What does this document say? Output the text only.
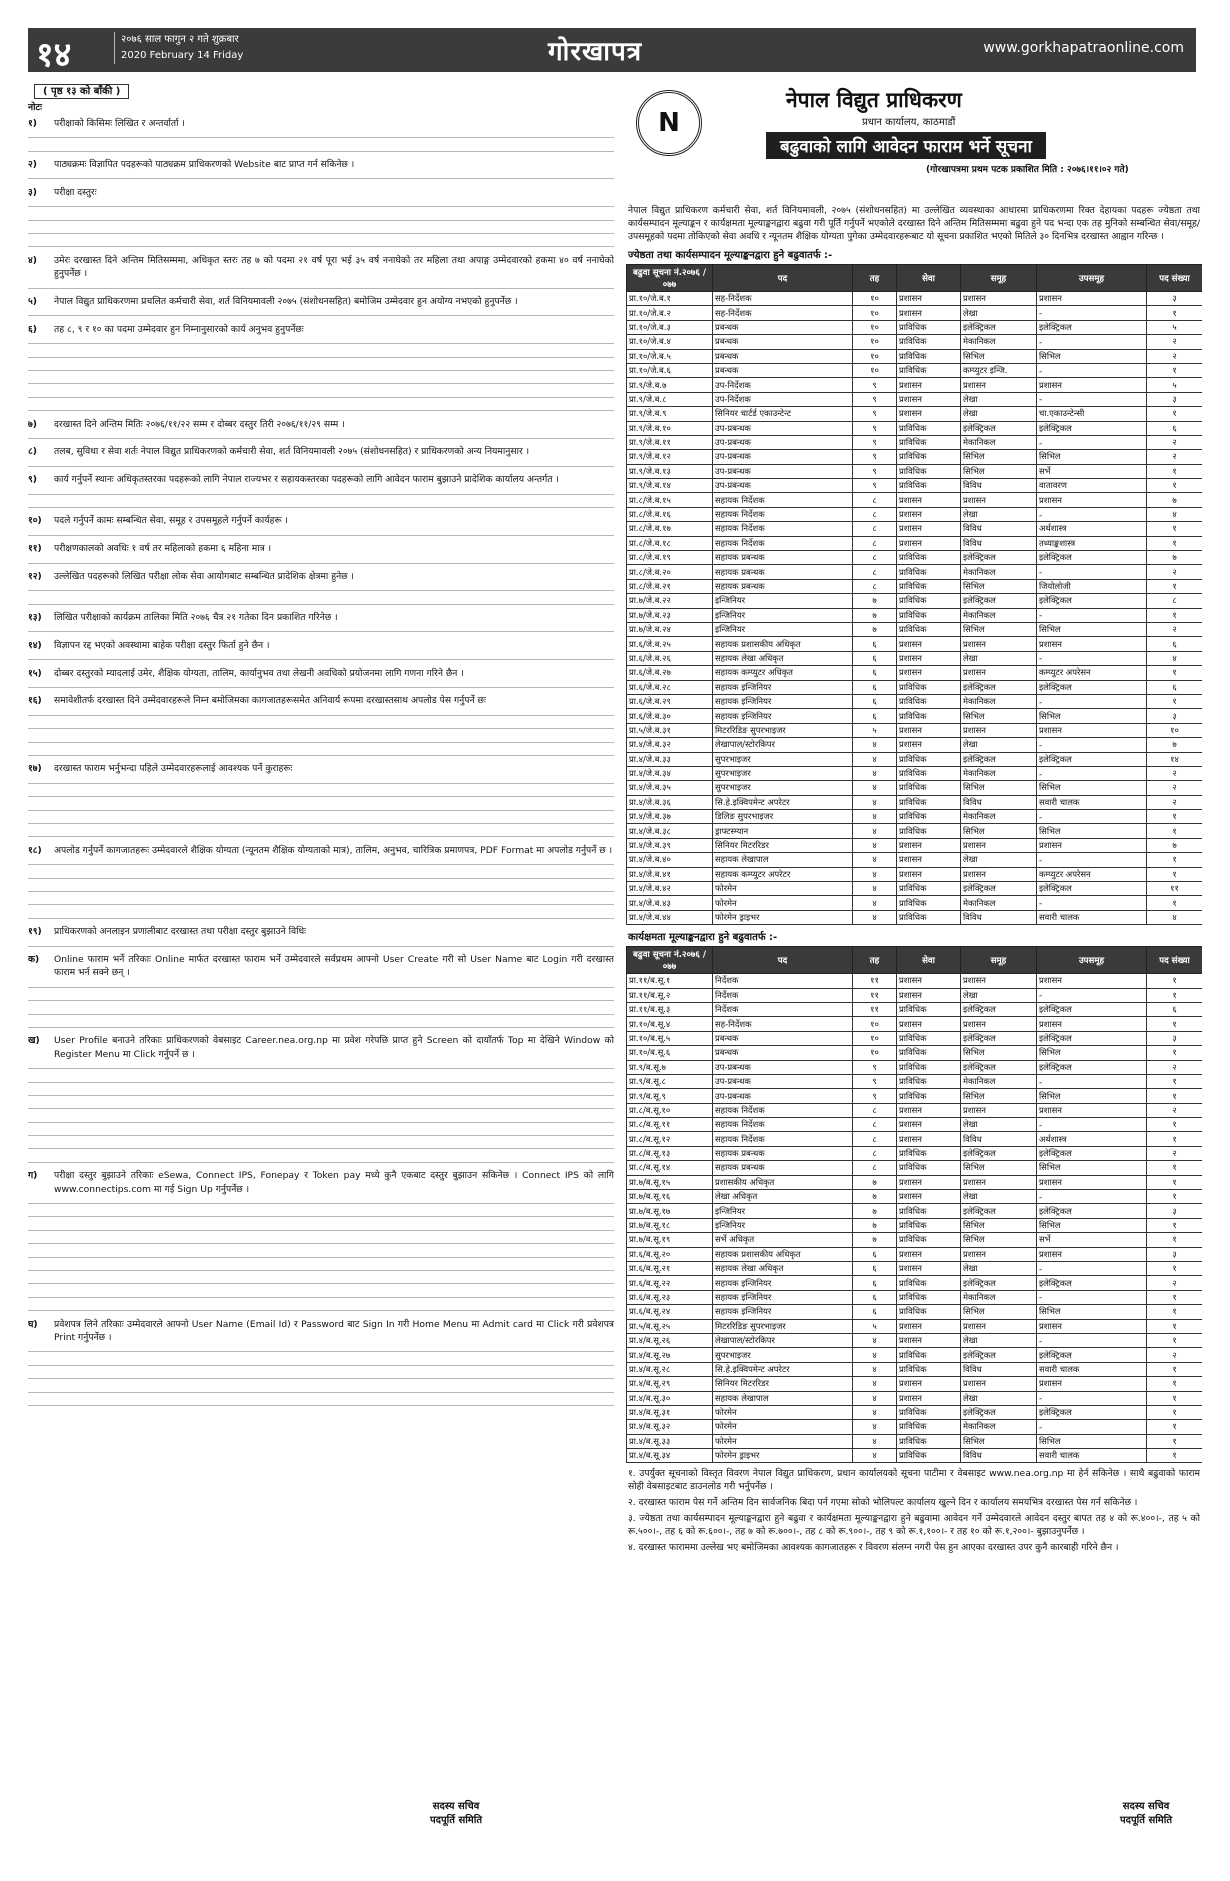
१४	२०७६ साल फागुन २ गते शुक्रबार
2020 February 14 Friday	गोरखापत्र	www.gorkhapatraonline.com
( पृष्ठ १३ को बाँकी )
नोटः
१)	परीक्षाको किसिमः लिखित र अन्तर्वार्ता ।
२)	पाठ्यक्रमः विज्ञापित पदहरूको पाठ्यक्रम प्राधिकरणको Website बाट प्राप्त गर्न सकिनेछ ।
३)	परीक्षा दस्तुरः
४)	उमेरः दरखास्त दिने अन्तिम मितिसम्ममा, अधिकृत स्तरः तह ७ को पदमा २१ वर्ष पूरा भई ३५ वर्ष ननाघेको तर महिला तथा अपाङ्ग उम्मेदवारको हकमा ४० वर्ष ननाघेको हुनुपर्नेछ ।
५)	नेपाल विद्युत प्राधिकरणमा प्रचलित कर्मचारी सेवा, शर्त विनियमावली २०७५ (संशोधनसहित) बमोजिम उम्मेदवार हुन अयोग्य नभएको हुनुपर्नेछ ।
६)	तह ८, ९ र १० का पदमा उम्मेदवार हुन निम्नानुसारको कार्य अनुभव हुनुपर्नेछः
७)	दरखास्त दिने अन्तिम मितिः २०७६/११/२२ सम्म र दोब्बर दस्तुर तिरी २०७६/११/२९ सम्म ।
८)	तलब, सुविधा र सेवा शर्तः नेपाल विद्युत प्राधिकरणको कर्मचारी सेवा, शर्त विनियमावली २०७५ (संशोधनसहित) र प्राधिकरणको अन्य नियमानुसार ।
९)	कार्य गर्नुपर्ने स्थानः अधिकृतस्तरका पदहरूको लागि नेपाल राज्यभर र सहायकस्तरका पदहरूको लागि आवेदन फाराम बुझाउने प्रादेशिक कार्यालय अन्तर्गत ।
१०)	पदले गर्नुपर्ने कामः सम्बन्धित सेवा, समूह र उपसमूहले गर्नुपर्ने कार्यहरू ।
११)	परीक्षणकालको अवधिः १ वर्ष तर महिलाको हकमा ६ महिना मात्र ।
१२)	उल्लेखित पदहरूको लिखित परीक्षा लोक सेवा आयोगबाट सम्बन्धित प्रादेशिक क्षेत्रमा हुनेछ ।
१३)	लिखित परीक्षाको कार्यक्रम तालिका मिति २०७६ चैत्र २१ गतेका दिन प्रकाशित गरिनेछ ।
१४)	विज्ञापन रद्द भएको अवस्थामा बाहेक परीक्षा दस्तुर फिर्ता हुने छैन ।
१५)	दोब्बर दस्तुरको म्यादलाई उमेर, शैक्षिक योग्यता, तालिम, कार्यानुभव तथा लेखनी अवधिको प्रयोजनमा लागि गणना गरिने छैन ।
१६)	समावेशीतर्फ दरखास्त दिने उम्मेदवारहरूले निम्न बमोजिमका कागजातहरूसमेत अनिवार्य रूपमा दरखास्तसाथ अपलोड पेस गर्नुपर्ने छः
१७)	दरखास्त फाराम भर्नुभन्दा पहिले उम्मेदवारहरूलाई आवश्यक पर्ने कुराहरूः
१८)	अपलोड गर्नुपर्ने कागजातहरूः उम्मेदवारले शैक्षिक योग्यता (न्यूनतम शैक्षिक योग्यताको मात्र), तालिम, अनुभव, चारित्रिक प्रमाणपत्र, PDF Format मा अपलोड गर्नुपर्ने छ ।
१९)	प्राधिकरणको अनलाइन प्रणालीबाट दरखास्त तथा परीक्षा दस्तुर बुझाउने विधिः
क)	Online फाराम भर्ने तरिकाः Online मार्फत दरखास्त फाराम भर्ने उम्मेदवारले सर्वप्रथम आफ्नो User Create गरी सो User Name बाट Login गरी दरखास्त फाराम भर्न सक्ने छन् ।
ख)	User Profile बनाउने तरिकाः प्राधिकरणको वेबसाइट Career.nea.org.np मा प्रवेश गरेपछि प्राप्त हुने Screen को दायाँतर्फ Top मा देखिने Window को Register Menu मा Click गर्नुपर्ने छ ।
ग)	परीक्षा दस्तुर बुझाउने तरिकाः eSewa, Connect IPS, Fonepay र Token pay मध्ये कुनै एकबाट दस्तुर बुझाउन सकिनेछ । Connect IPS को लागि www.connectips.com मा गई Sign Up गर्नुपर्नेछ ।
घ)	प्रवेशपत्र लिने तरिकाः उम्मेदवारले आफ्नो User Name (Email Id) र Password बाट Sign In गरी Home Menu मा Admit card मा Click गरी प्रवेशपत्र Print गर्नुपर्नेछ ।
सदस्य सचिव
पदपूर्ति समिति
N
नेपाल विद्युत प्राधिकरण
प्रधान कार्यालय, काठमाडौं
बढुवाको लागि आवेदन फाराम भर्ने सूचना
(गोरखापत्रमा प्रथम पटक प्रकाशित मिति : २०७६।११।०२ गते)
नेपाल विद्युत प्राधिकरण कर्मचारी सेवा, शर्त विनियमावली, २०७५ (संशोधनसहित) मा उल्लेखित व्यवस्थाका आधारमा प्राधिकरणमा रिक्त देहायका पदहरू ज्येष्ठता तथा कार्यसम्पादन मूल्याङ्कन र कार्यक्षमता मूल्याङ्कनद्वारा बढुवा गरी पूर्ति गर्नुपर्ने भएकोले दरखास्त दिने अन्तिम मितिसम्ममा बढुवा हुने पद भन्दा एक तह मुनिको सम्बन्धित सेवा/समूह/उपसमूहको पदमा तोकिएको सेवा अवधि र न्यूनतम शैक्षिक योग्यता पुगेका उम्मेदवारहरूबाट यो सूचना प्रकाशित भएको मितिले ३० दिनभित्र दरखास्त आह्वान गरिन्छ ।
ज्येष्ठता तथा कार्यसम्पादन मूल्याङ्कनद्वारा हुने बढुवातर्फ :-
बढुवा सूचना नं.२०७६ / ०७७	पद	तह	सेवा	समूह	उपसमूह	पद संख्या
प्रा.१०/जे.ब.१	सह-निर्देशक	१०	प्रशासन	प्रशासन	प्रशासन	३
प्रा.१०/जे.ब.२	सह-निर्देशक	१०	प्रशासन	लेखा	-	१
प्रा.१०/जे.ब.३	प्रबन्धक	१०	प्राविधिक	इलेक्ट्रिकल	इलेक्ट्रिकल	५
प्रा.१०/जे.ब.४	प्रबन्धक	१०	प्राविधिक	मेकानिकल	-	२
प्रा.१०/जे.ब.५	प्रबन्धक	१०	प्राविधिक	सिभिल	सिभिल	२
प्रा.१०/जे.ब.६	प्रबन्धक	१०	प्राविधिक	कम्प्युटर इन्जि.	-	१
प्रा.९/जे.ब.७	उप-निर्देशक	९	प्रशासन	प्रशासन	प्रशासन	५
प्रा.९/जे.ब.८	उप-निर्देशक	९	प्रशासन	लेखा	-	३
प्रा.९/जे.ब.९	सिनियर चार्टर्ड एकाउन्टेन्ट	९	प्रशासन	लेखा	चा.एकाउन्टेन्सी	१
प्रा.९/जे.ब.१०	उप-प्रबन्धक	९	प्राविधिक	इलेक्ट्रिकल	इलेक्ट्रिकल	६
प्रा.९/जे.ब.११	उप-प्रबन्धक	९	प्राविधिक	मेकानिकल	-	२
प्रा.९/जे.ब.१२	उप-प्रबन्धक	९	प्राविधिक	सिभिल	सिभिल	२
प्रा.९/जे.ब.१३	उप-प्रबन्धक	९	प्राविधिक	सिभिल	सर्भे	१
प्रा.९/जे.ब.१४	उप-प्रबन्धक	९	प्राविधिक	विविध	वातावरण	१
प्रा.८/जे.ब.१५	सहायक निर्देशक	८	प्रशासन	प्रशासन	प्रशासन	७
प्रा.८/जे.ब.१६	सहायक निर्देशक	८	प्रशासन	लेखा	-	४
प्रा.८/जे.ब.१७	सहायक निर्देशक	८	प्रशासन	विविध	अर्थशास्त्र	१
प्रा.८/जे.ब.१८	सहायक निर्देशक	८	प्रशासन	विविध	तथ्याङ्कशास्त्र	१
प्रा.८/जे.ब.१९	सहायक प्रबन्धक	८	प्राविधिक	इलेक्ट्रिकल	इलेक्ट्रिकल	७
प्रा.८/जे.ब.२०	सहायक प्रबन्धक	८	प्राविधिक	मेकानिकल	-	२
प्रा.८/जे.ब.२१	सहायक प्रबन्धक	८	प्राविधिक	सिभिल	जियोलोजी	१
प्रा.७/जे.ब.२२	इन्जिनियर	७	प्राविधिक	इलेक्ट्रिकल	इलेक्ट्रिकल	८
प्रा.७/जे.ब.२३	इन्जिनियर	७	प्राविधिक	मेकानिकल	-	१
प्रा.७/जे.ब.२४	इन्जिनियर	७	प्राविधिक	सिभिल	सिभिल	२
प्रा.६/जे.ब.२५	सहायक प्रशासकीय अधिकृत	६	प्रशासन	प्रशासन	प्रशासन	६
प्रा.६/जे.ब.२६	सहायक लेखा अधिकृत	६	प्रशासन	लेखा	-	४
प्रा.६/जे.ब.२७	सहायक कम्प्युटर अधिकृत	६	प्रशासन	प्रशासन	कम्प्युटर अपरेसन	१
प्रा.६/जे.ब.२८	सहायक इन्जिनियर	६	प्राविधिक	इलेक्ट्रिकल	इलेक्ट्रिकल	६
प्रा.६/जे.ब.२९	सहायक इन्जिनियर	६	प्राविधिक	मेकानिकल	-	१
प्रा.६/जे.ब.३०	सहायक इन्जिनियर	६	प्राविधिक	सिभिल	सिभिल	३
प्रा.५/जे.ब.३१	मिटररिडिङ सुपरभाइजर	५	प्रशासन	प्रशासन	प्रशासन	१०
प्रा.४/जे.ब.३२	लेखापाल/स्टोरकिपर	४	प्रशासन	लेखा	-	७
प्रा.४/जे.ब.३३	सुपरभाइजर	४	प्राविधिक	इलेक्ट्रिकल	इलेक्ट्रिकल	१४
प्रा.४/जे.ब.३४	सुपरभाइजर	४	प्राविधिक	मेकानिकल	-	२
प्रा.४/जे.ब.३५	सुपरभाइजर	४	प्राविधिक	सिभिल	सिभिल	२
प्रा.४/जे.ब.३६	सि.हे.इक्विपमेन्ट अपरेटर	४	प्राविधिक	विविध	सवारी चालक	२
प्रा.४/जे.ब.३७	डिलिङ सुपरभाइजर	४	प्राविधिक	मेकानिकल	-	१
प्रा.४/जे.ब.३८	ड्राफ्टस्म्यान	४	प्राविधिक	सिभिल	सिभिल	१
प्रा.४/जे.ब.३९	सिनियर मिटररिडर	४	प्रशासन	प्रशासन	प्रशासन	७
प्रा.४/जे.ब.४०	सहायक लेखापाल	४	प्रशासन	लेखा	-	१
प्रा.४/जे.ब.४१	सहायक कम्प्युटर अपरेटर	४	प्रशासन	प्रशासन	कम्प्युटर अपरेसन	१
प्रा.४/जे.ब.४२	फोरमेन	४	प्राविधिक	इलेक्ट्रिकल	इलेक्ट्रिकल	११
प्रा.४/जे.ब.४३	फोरमेन	४	प्राविधिक	मेकानिकल	-	१
प्रा.४/जे.ब.४४	फोरमेन ड्राइभर	४	प्राविधिक	विविध	सवारी चालक	४
कार्यक्षमता मूल्याङ्कनद्वारा हुने बढुवातर्फ :-
बढुवा सूचना नं.२०७६ / ०७७	पद	तह	सेवा	समूह	उपसमूह	पद संख्या
प्रा.११/ब.सू.१	निर्देशक	११	प्रशासन	प्रशासन	प्रशासन	१
प्रा.११/ब.सू.२	निर्देशक	११	प्रशासन	लेखा	-	१
प्रा.११/ब.सू.३	निर्देशक	११	प्राविधिक	इलेक्ट्रिकल	इलेक्ट्रिकल	६
प्रा.१०/ब.सू.४	सह-निर्देशक	१०	प्रशासन	प्रशासन	प्रशासन	१
प्रा.१०/ब.सू.५	प्रबन्धक	१०	प्राविधिक	इलेक्ट्रिकल	इलेक्ट्रिकल	३
प्रा.१०/ब.सू.६	प्रबन्धक	१०	प्राविधिक	सिभिल	सिभिल	१
प्रा.९/ब.सू.७	उप-प्रबन्धक	९	प्राविधिक	इलेक्ट्रिकल	इलेक्ट्रिकल	२
प्रा.९/ब.सू.८	उप-प्रबन्धक	९	प्राविधिक	मेकानिकल	-	१
प्रा.९/ब.सू.९	उप-प्रबन्धक	९	प्राविधिक	सिभिल	सिभिल	१
प्रा.८/ब.सू.१०	सहायक निर्देशक	८	प्रशासन	प्रशासन	प्रशासन	२
प्रा.८/ब.सू.११	सहायक निर्देशक	८	प्रशासन	लेखा	-	१
प्रा.८/ब.सू.१२	सहायक निर्देशक	८	प्रशासन	विविध	अर्थशास्त्र	१
प्रा.८/ब.सू.१३	सहायक प्रबन्धक	८	प्राविधिक	इलेक्ट्रिकल	इलेक्ट्रिकल	२
प्रा.८/ब.सू.१४	सहायक प्रबन्धक	८	प्राविधिक	सिभिल	सिभिल	१
प्रा.७/ब.सू.१५	प्रशासकीय अधिकृत	७	प्रशासन	प्रशासन	प्रशासन	१
प्रा.७/ब.सू.१६	लेखा अधिकृत	७	प्रशासन	लेखा	-	१
प्रा.७/ब.सू.१७	इन्जिनियर	७	प्राविधिक	इलेक्ट्रिकल	इलेक्ट्रिकल	३
प्रा.७/ब.सू.१८	इन्जिनियर	७	प्राविधिक	सिभिल	सिभिल	१
प्रा.७/ब.सू.१९	सर्भे अधिकृत	७	प्राविधिक	सिभिल	सर्भे	१
प्रा.६/ब.सू.२०	सहायक प्रशासकीय अधिकृत	६	प्रशासन	प्रशासन	प्रशासन	३
प्रा.६/ब.सू.२१	सहायक लेखा अधिकृत	६	प्रशासन	लेखा	-	१
प्रा.६/ब.सू.२२	सहायक इन्जिनियर	६	प्राविधिक	इलेक्ट्रिकल	इलेक्ट्रिकल	२
प्रा.६/ब.सू.२३	सहायक इन्जिनियर	६	प्राविधिक	मेकानिकल	-	१
प्रा.६/ब.सू.२४	सहायक इन्जिनियर	६	प्राविधिक	सिभिल	सिभिल	१
प्रा.५/ब.सू.२५	मिटररिडिङ सुपरभाइजर	५	प्रशासन	प्रशासन	प्रशासन	१
प्रा.४/ब.सू.२६	लेखापाल/स्टोरकिपर	४	प्रशासन	लेखा	-	१
प्रा.४/ब.सू.२७	सुपरभाइजर	४	प्राविधिक	इलेक्ट्रिकल	इलेक्ट्रिकल	२
प्रा.४/ब.सू.२८	सि.हे.इक्विपमेन्ट अपरेटर	४	प्राविधिक	विविध	सवारी चालक	१
प्रा.४/ब.सू.२९	सिनियर मिटररिडर	४	प्रशासन	प्रशासन	प्रशासन	१
प्रा.४/ब.सू.३०	सहायक लेखापाल	४	प्रशासन	लेखा	-	१
प्रा.४/ब.सू.३१	फोरमेन	४	प्राविधिक	इलेक्ट्रिकल	इलेक्ट्रिकल	१
प्रा.४/ब.सू.३२	फोरमेन	४	प्राविधिक	मेकानिकल	-	१
प्रा.४/ब.सू.३३	फोरमेन	४	प्राविधिक	सिभिल	सिभिल	१
प्रा.४/ब.सू.३४	फोरमेन ड्राइभर	४	प्राविधिक	विविध	सवारी चालक	१
१. उपर्युक्त सूचनाको विस्तृत विवरण नेपाल विद्युत प्राधिकरण, प्रधान कार्यालयको सूचना पाटीमा र वेबसाइट www.nea.org.np मा हेर्न सकिनेछ । साथै बढुवाको फाराम सोही वेबसाइटबाट डाउनलोड गरी भर्नुपर्नेछ ।
२. दरखास्त फाराम पेस गर्ने अन्तिम दिन सार्वजनिक बिदा पर्न गएमा सोको भोलिपल्ट कार्यालय खुल्ने दिन र कार्यालय समयभित्र दरखास्त पेस गर्न सकिनेछ ।
३. ज्येष्ठता तथा कार्यसम्पादन मूल्याङ्कनद्वारा हुने बढुवा र कार्यक्षमता मूल्याङ्कनद्वारा हुने बढुवामा आवेदन गर्ने उम्मेदवारले आवेदन दस्तुर बापत तह ४ को रू.४००।-, तह ५ को रू.५००।-, तह ६ को रू.६००।-, तह ७ को रू.७००।-, तह ८ को रू.९००।-, तह ९ को रू.१,१००।- र तह १० को रू.१,२००।- बुझाउनुपर्नेछ ।
४. दरखास्त फाराममा उल्लेख भए बमोजिमका आवश्यक कागजातहरू र विवरण संलग्न नगरी पेस हुन आएका दरखास्त उपर कुनै कारबाही गरिने छैन ।
सदस्य सचिव
पदपूर्ति समिति
